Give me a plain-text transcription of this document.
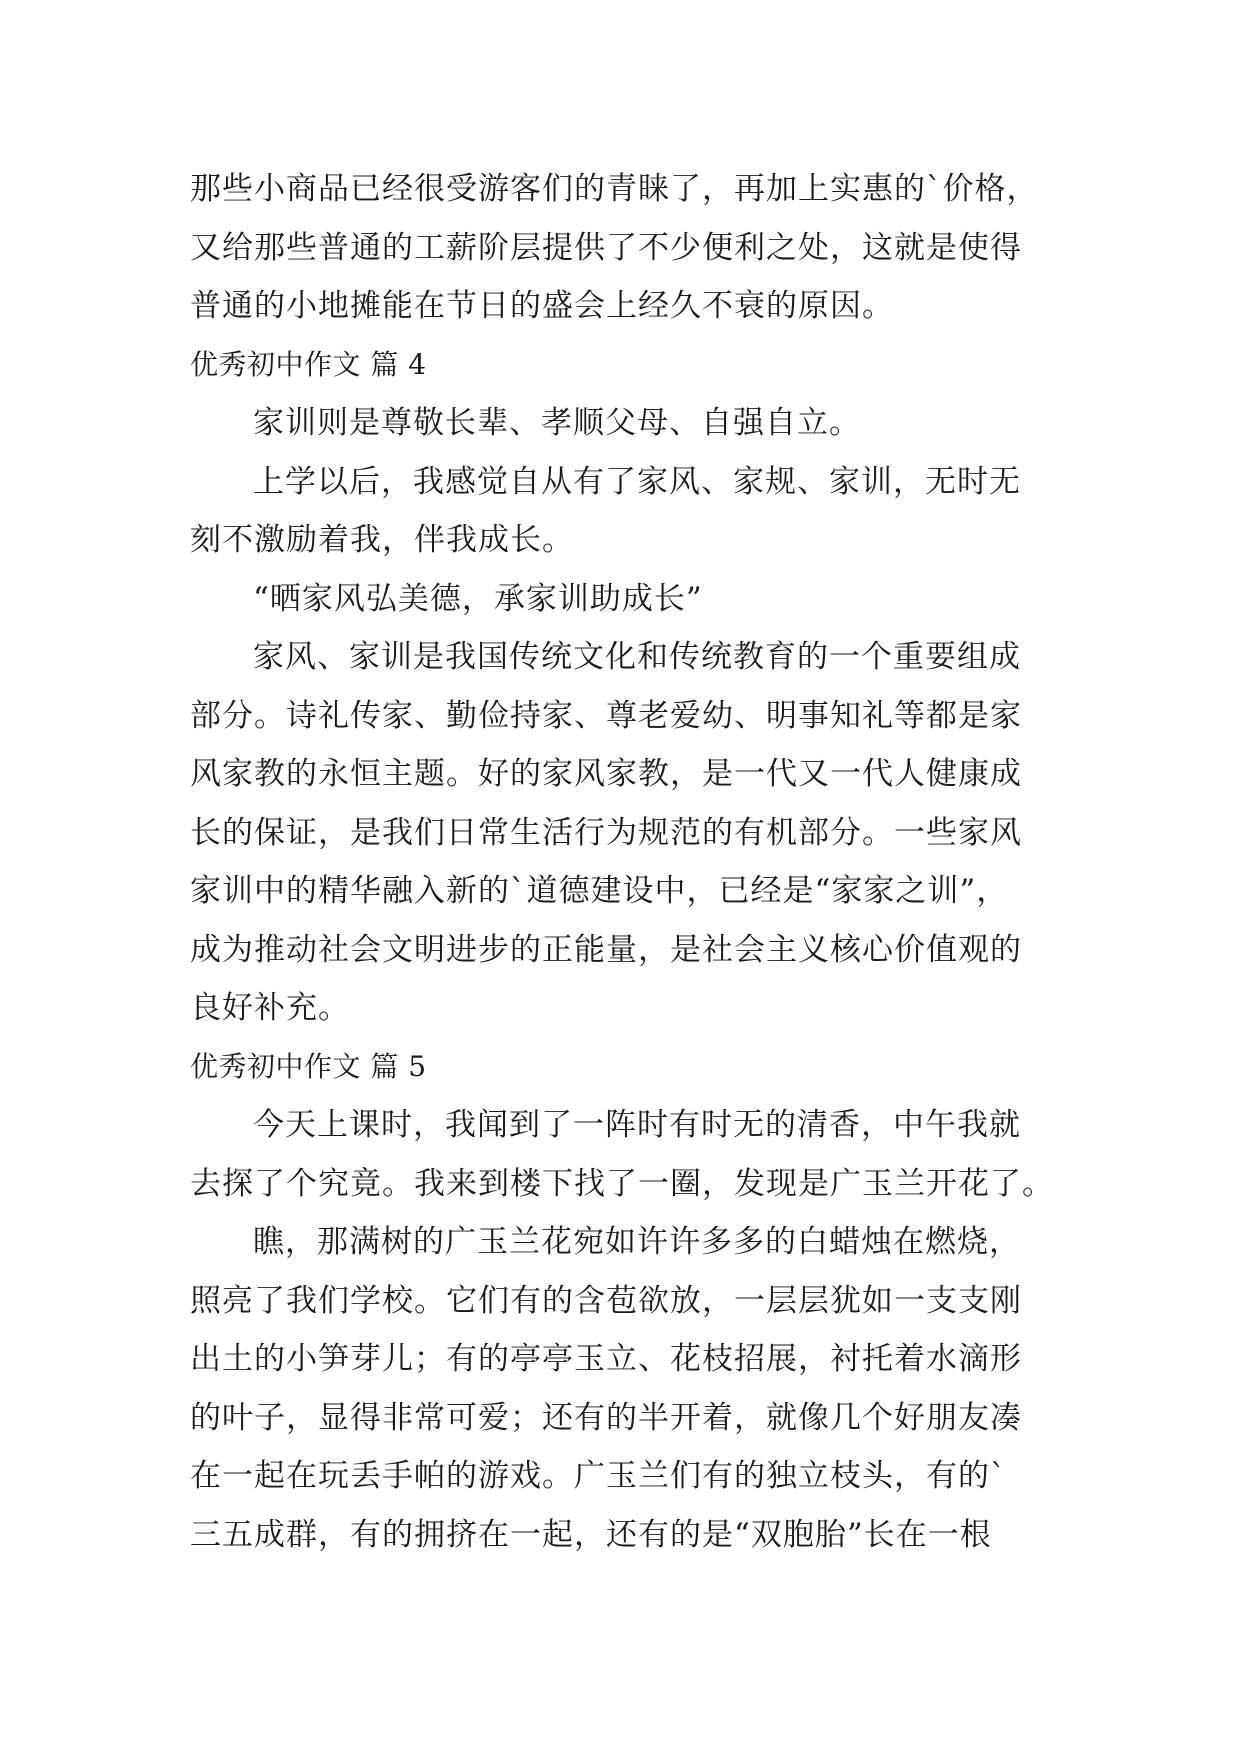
那些小商品已经很受游客们的青睐了，再加上实惠的`价格，
又给那些普通的工薪阶层提供了不少便利之处，这就是使得
普通的小地摊能在节日的盛会上经久不衰的原因。
优秀初中作文 篇 4
家训则是尊敬长辈、孝顺父母、自强自立。
上学以后，我感觉自从有了家风、家规、家训，无时无
刻不激励着我，伴我成长。
“晒家风弘美德，承家训助成长”
家风、家训是我国传统文化和传统教育的一个重要组成
部分。诗礼传家、勤俭持家、尊老爱幼、明事知礼等都是家
风家教的永恒主题。好的家风家教，是一代又一代人健康成
长的保证，是我们日常生活行为规范的有机部分。一些家风
家训中的精华融入新的`道德建设中，已经是“家家之训”，
成为推动社会文明进步的正能量，是社会主义核心价值观的
良好补充。
优秀初中作文 篇 5
今天上课时，我闻到了一阵时有时无的清香，中午我就
去探了个究竟。我来到楼下找了一圈，发现是广玉兰开花了。
瞧，那满树的广玉兰花宛如许许多多的白蜡烛在燃烧，
照亮了我们学校。它们有的含苞欲放，一层层犹如一支支刚
出土的小笋芽儿；有的亭亭玉立、花枝招展，衬托着水滴形
的叶子，显得非常可爱；还有的半开着，就像几个好朋友凑
在一起在玩丢手帕的游戏。广玉兰们有的独立枝头，有的`
三五成群，有的拥挤在一起，还有的是“双胞胎”长在一根
